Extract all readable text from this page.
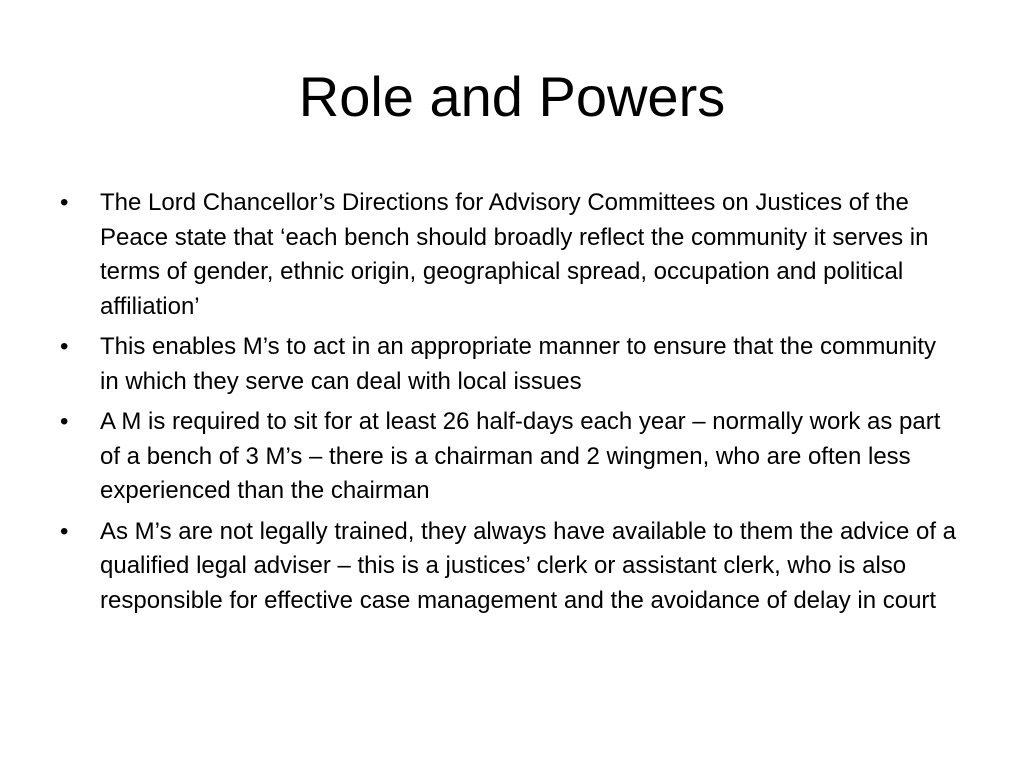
Role and Powers
•	The Lord Chancellor’s Directions for Advisory Committees on Justices of the Peace state that ‘each bench should broadly reflect the community it serves in terms of gender, ethnic origin, geographical spread, occupation and political affiliation’
•	This enables M’s to act in an appropriate manner to ensure that the community in which they serve can deal with local issues
•	A M is required to sit for at least 26 half-days each year – normally work as part of a bench of 3 M’s – there is a chairman and 2 wingmen, who are often less experienced than the chairman
•	As M’s are not legally trained, they always have available to them the advice of a qualified legal adviser – this is a justices’ clerk or assistant clerk, who is also responsible for effective case management and the avoidance of delay in court
